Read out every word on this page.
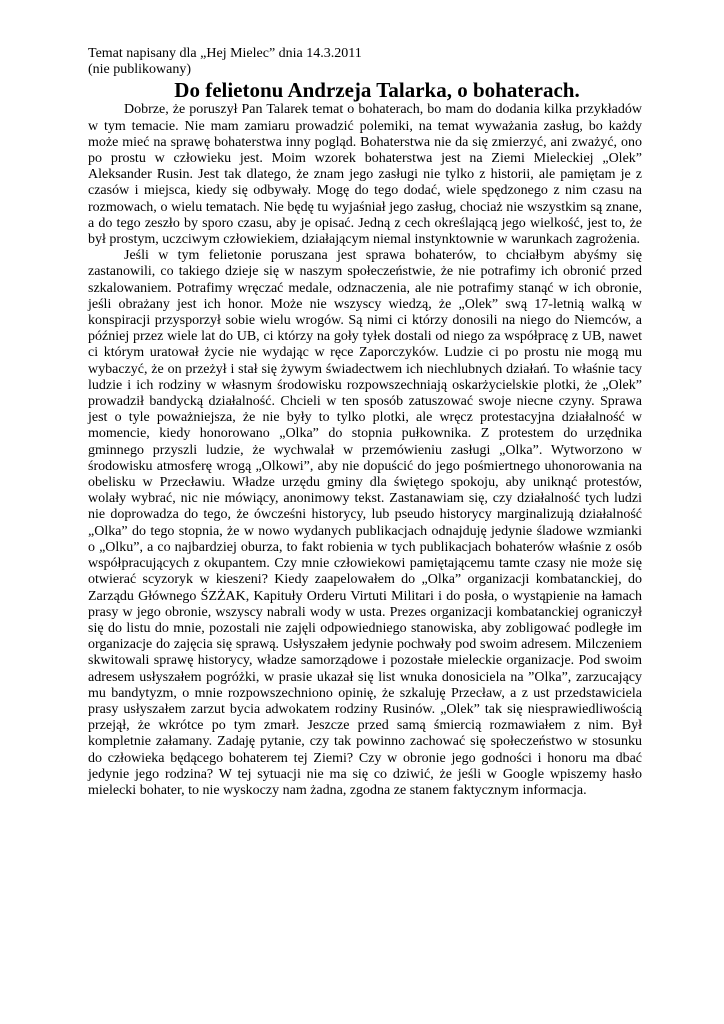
Temat napisany dla „Hej Mielec” dnia 14.3.2011

(nie publikowany)

Do felietonu Andrzeja Talarka, o bohaterach.

Dobrze, że poruszył Pan Talarek temat o bohaterach, bo mam do dodania kilka przykładów w tym temacie. Nie mam zamiaru prowadzić polemiki, na temat wyważania zasług, bo każdy może mieć na sprawę bohaterstwa inny pogląd. Bohaterstwa nie da się zmierzyć, ani zważyć, ono po prostu w człowieku jest. Moim wzorek bohaterstwa jest na Ziemi Mieleckiej „Olek” Aleksander Rusin. Jest tak dlatego, że znam jego zasługi nie tylko z historii, ale pamiętam je z czasów i miejsca, kiedy się odbywały. Mogę do tego dodać, wiele spędzonego z nim czasu na rozmowach, o wielu tematach. Nie będę tu wyjaśniał jego zasług, chociaż nie wszystkim są znane, a do tego zeszło by sporo czasu, aby je opisać. Jedną z cech określającą jego wielkość, jest to, że był prostym, uczciwym człowiekiem, działającym niemal instynktownie w warunkach zagrożenia.

Jeśli w tym felietonie poruszana jest sprawa bohaterów, to chciałbym abyśmy się zastanowili, co takiego dzieje się w naszym społeczeństwie, że nie potrafimy ich obronić przed szkalowaniem. Potrafimy wręczać medale, odznaczenia, ale nie potrafimy stanąć w ich obronie, jeśli obrażany jest ich honor. Może nie wszyscy wiedzą, że „Olek” swą 17-letnią walką w konspiracji przysporzył sobie wielu wrogów. Są nimi ci którzy donosili na niego do Niemców, a później przez wiele lat do UB, ci którzy na goły tyłek dostali od niego za współpracę z UB, nawet ci którym uratował życie nie wydając w ręce Zaporczyków. Ludzie ci po prostu nie mogą mu wybaczyć, że on przeżył i stał się żywym świadectwem ich niechlubnych działań. To właśnie tacy ludzie i ich rodziny w własnym środowisku rozpowszechniają oskarżycielskie plotki, że „Olek” prowadził bandycką działalność. Chcieli w ten sposób zatuszować swoje niecne czyny. Sprawa jest o tyle poważniejsza, że nie były to tylko plotki, ale wręcz protestacyjna działalność w momencie, kiedy honorowano „Olka” do stopnia pułkownika. Z protestem do urzędnika gminnego przyszli ludzie, że wychwalał w przemówieniu zasługi „Olka”. Wytworzono w środowisku atmosferę wrogą „Olkowi”, aby nie dopuścić do jego pośmiertnego uhonorowania na obelisku w Przecławiu. Władze urzędu gminy dla świętego spokoju, aby uniknąć protestów, wolały wybrać, nic nie mówiący, anonimowy tekst. Zastanawiam się, czy działalność tych ludzi nie doprowadza do tego, że ówcześni historycy, lub pseudo historycy marginalizują działalność „Olka” do tego stopnia, że w nowo wydanych publikacjach odnajduję jedynie śladowe wzmianki o „Olku”, a co najbardziej oburza, to fakt robienia w tych publikacjach bohaterów właśnie z osób współpracujących z okupantem. Czy mnie człowiekowi pamiętającemu tamte czasy nie może się otwierać scyzoryk w kieszeni? Kiedy zaapelowałem do „Olka” organizacji kombatanckiej, do Zarządu Głównego ŚZŻAK, Kapituły Orderu Virtuti Militari i do posła, o wystąpienie na łamach prasy w jego obronie, wszyscy nabrali wody w usta. Prezes organizacji kombatanckiej ograniczył się do listu do mnie, pozostali nie zajęli odpowiedniego stanowiska, aby zobligować podległe im organizacje do zajęcia się sprawą. Usłyszałem jedynie pochwały pod swoim adresem. Milczeniem skwitowali sprawę historycy, władze samorządowe i pozostałe mieleckie organizacje. Pod swoim adresem usłyszałem pogróżki, w prasie ukazał się list wnuka donosiciela na ”Olka”, zarzucający mu bandytyzm, o mnie rozpowszechniono opinię, że szkaluję Przecław, a z ust przedstawiciela prasy usłyszałem zarzut bycia adwokatem rodziny Rusinów. „Olek” tak się niesprawiedliwością przejął, że wkrótce po tym zmarł. Jeszcze przed samą śmiercią rozmawiałem z nim. Był kompletnie załamany. Zadaję pytanie, czy tak powinno zachować się społeczeństwo w stosunku do człowieka będącego bohaterem tej Ziemi? Czy w obronie jego godności i honoru ma dbać jedynie jego rodzina? W tej sytuacji nie ma się co dziwić, że jeśli w Google wpiszemy hasło mielecki bohater, to nie wyskoczy nam żadna, zgodna ze stanem faktycznym informacja.
